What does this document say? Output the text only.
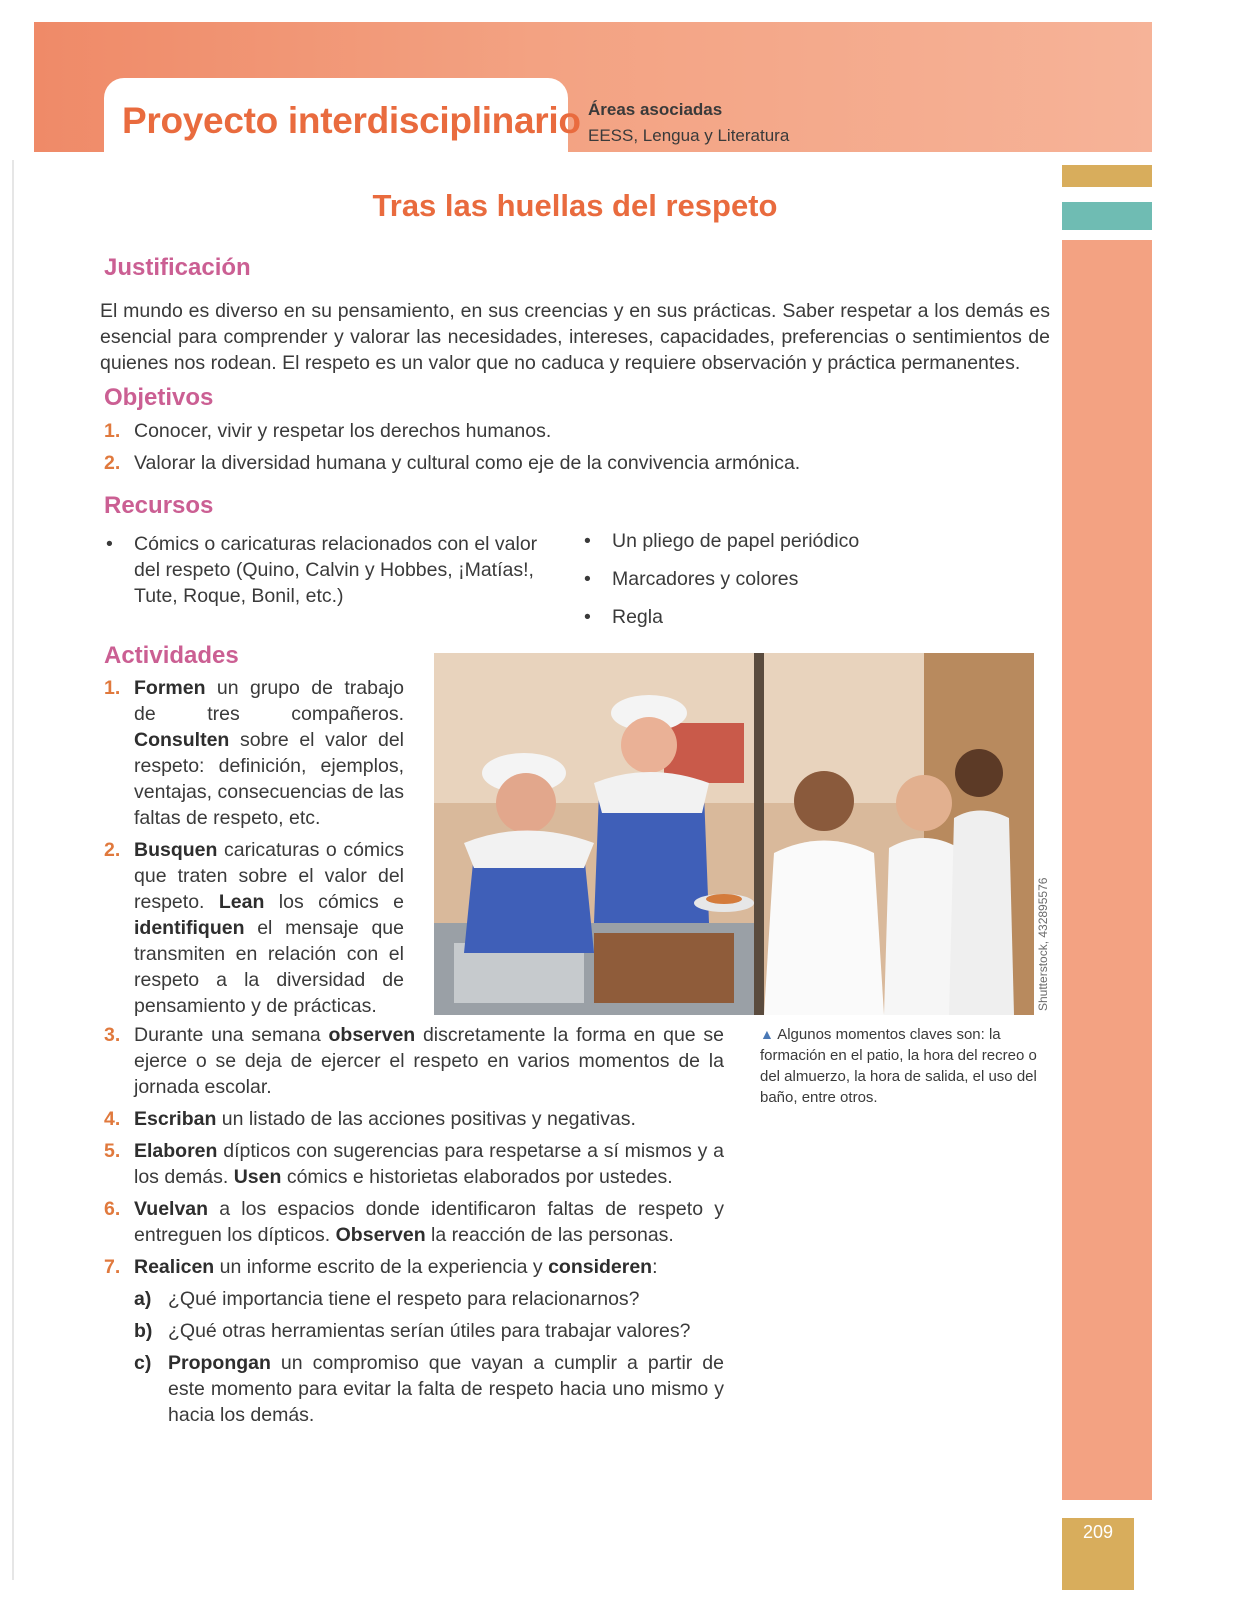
Proyecto interdisciplinario Áreas asociadas
EESS, Lengua y Literatura
209
Tras las huellas del respeto
Justificación
El mundo es diverso en su pensamiento, en sus creencias y en sus prácticas. Saber respetar a los demás es esencial para comprender y valorar las necesidades, intereses, capacidades, preferencias o sentimientos de quienes nos rodean. El respeto es un valor que no caduca y requiere observación y práctica permanentes.
Objetivos
1. Conocer, vivir y respetar los derechos humanos.
2. Valorar la diversidad humana y cultural como eje de la convivencia armónica.
Recursos
•	Cómics o caricaturas relacionados con el valor del respeto (Quino, Calvin y Hobbes, ¡Matías!, Tute, Roque, Bonil, etc.)
•	Un pliego de papel periódico
•	Marcadores y colores
•	Regla
Actividades
1. Formen un grupo de trabajo de tres compañeros. Consulten sobre el valor del respeto: definición, ejemplos, ventajas, consecuencias de las faltas de respeto, etc.
2. Busquen caricaturas o cómics que traten sobre el valor del respeto. Lean los cómics e identifiquen el mensaje que transmiten en relación con el respeto a la diversidad de pensamiento y de prácticas.	Shutterstock, 432895576
▲ Algunos momentos claves son: la formación en el patio, la hora del recreo o del almuerzo, la hora de salida, el uso del baño, entre otros.
3. Durante una semana observen discretamente la forma en que se ejerce o se deja de ejercer el respeto en varios momentos de la jornada escolar.
4. Escriban un listado de las acciones positivas y negativas.
5. Elaboren dípticos con sugerencias para respetarse a sí mismos y a los demás. Usen cómics e historietas elaborados por ustedes.
6. Vuelvan a los espacios donde identificaron faltas de respeto y entreguen los dípticos. Observen la reacción de las personas.
7. Realicen un informe escrito de la experiencia y consideren:
a) ¿Qué importancia tiene el respeto para relacionarnos?
b) ¿Qué otras herramientas serían útiles para trabajar valores?
c) Propongan un compromiso que vayan a cumplir a partir de este momento para evitar la falta de respeto hacia uno mismo y hacia los demás.
